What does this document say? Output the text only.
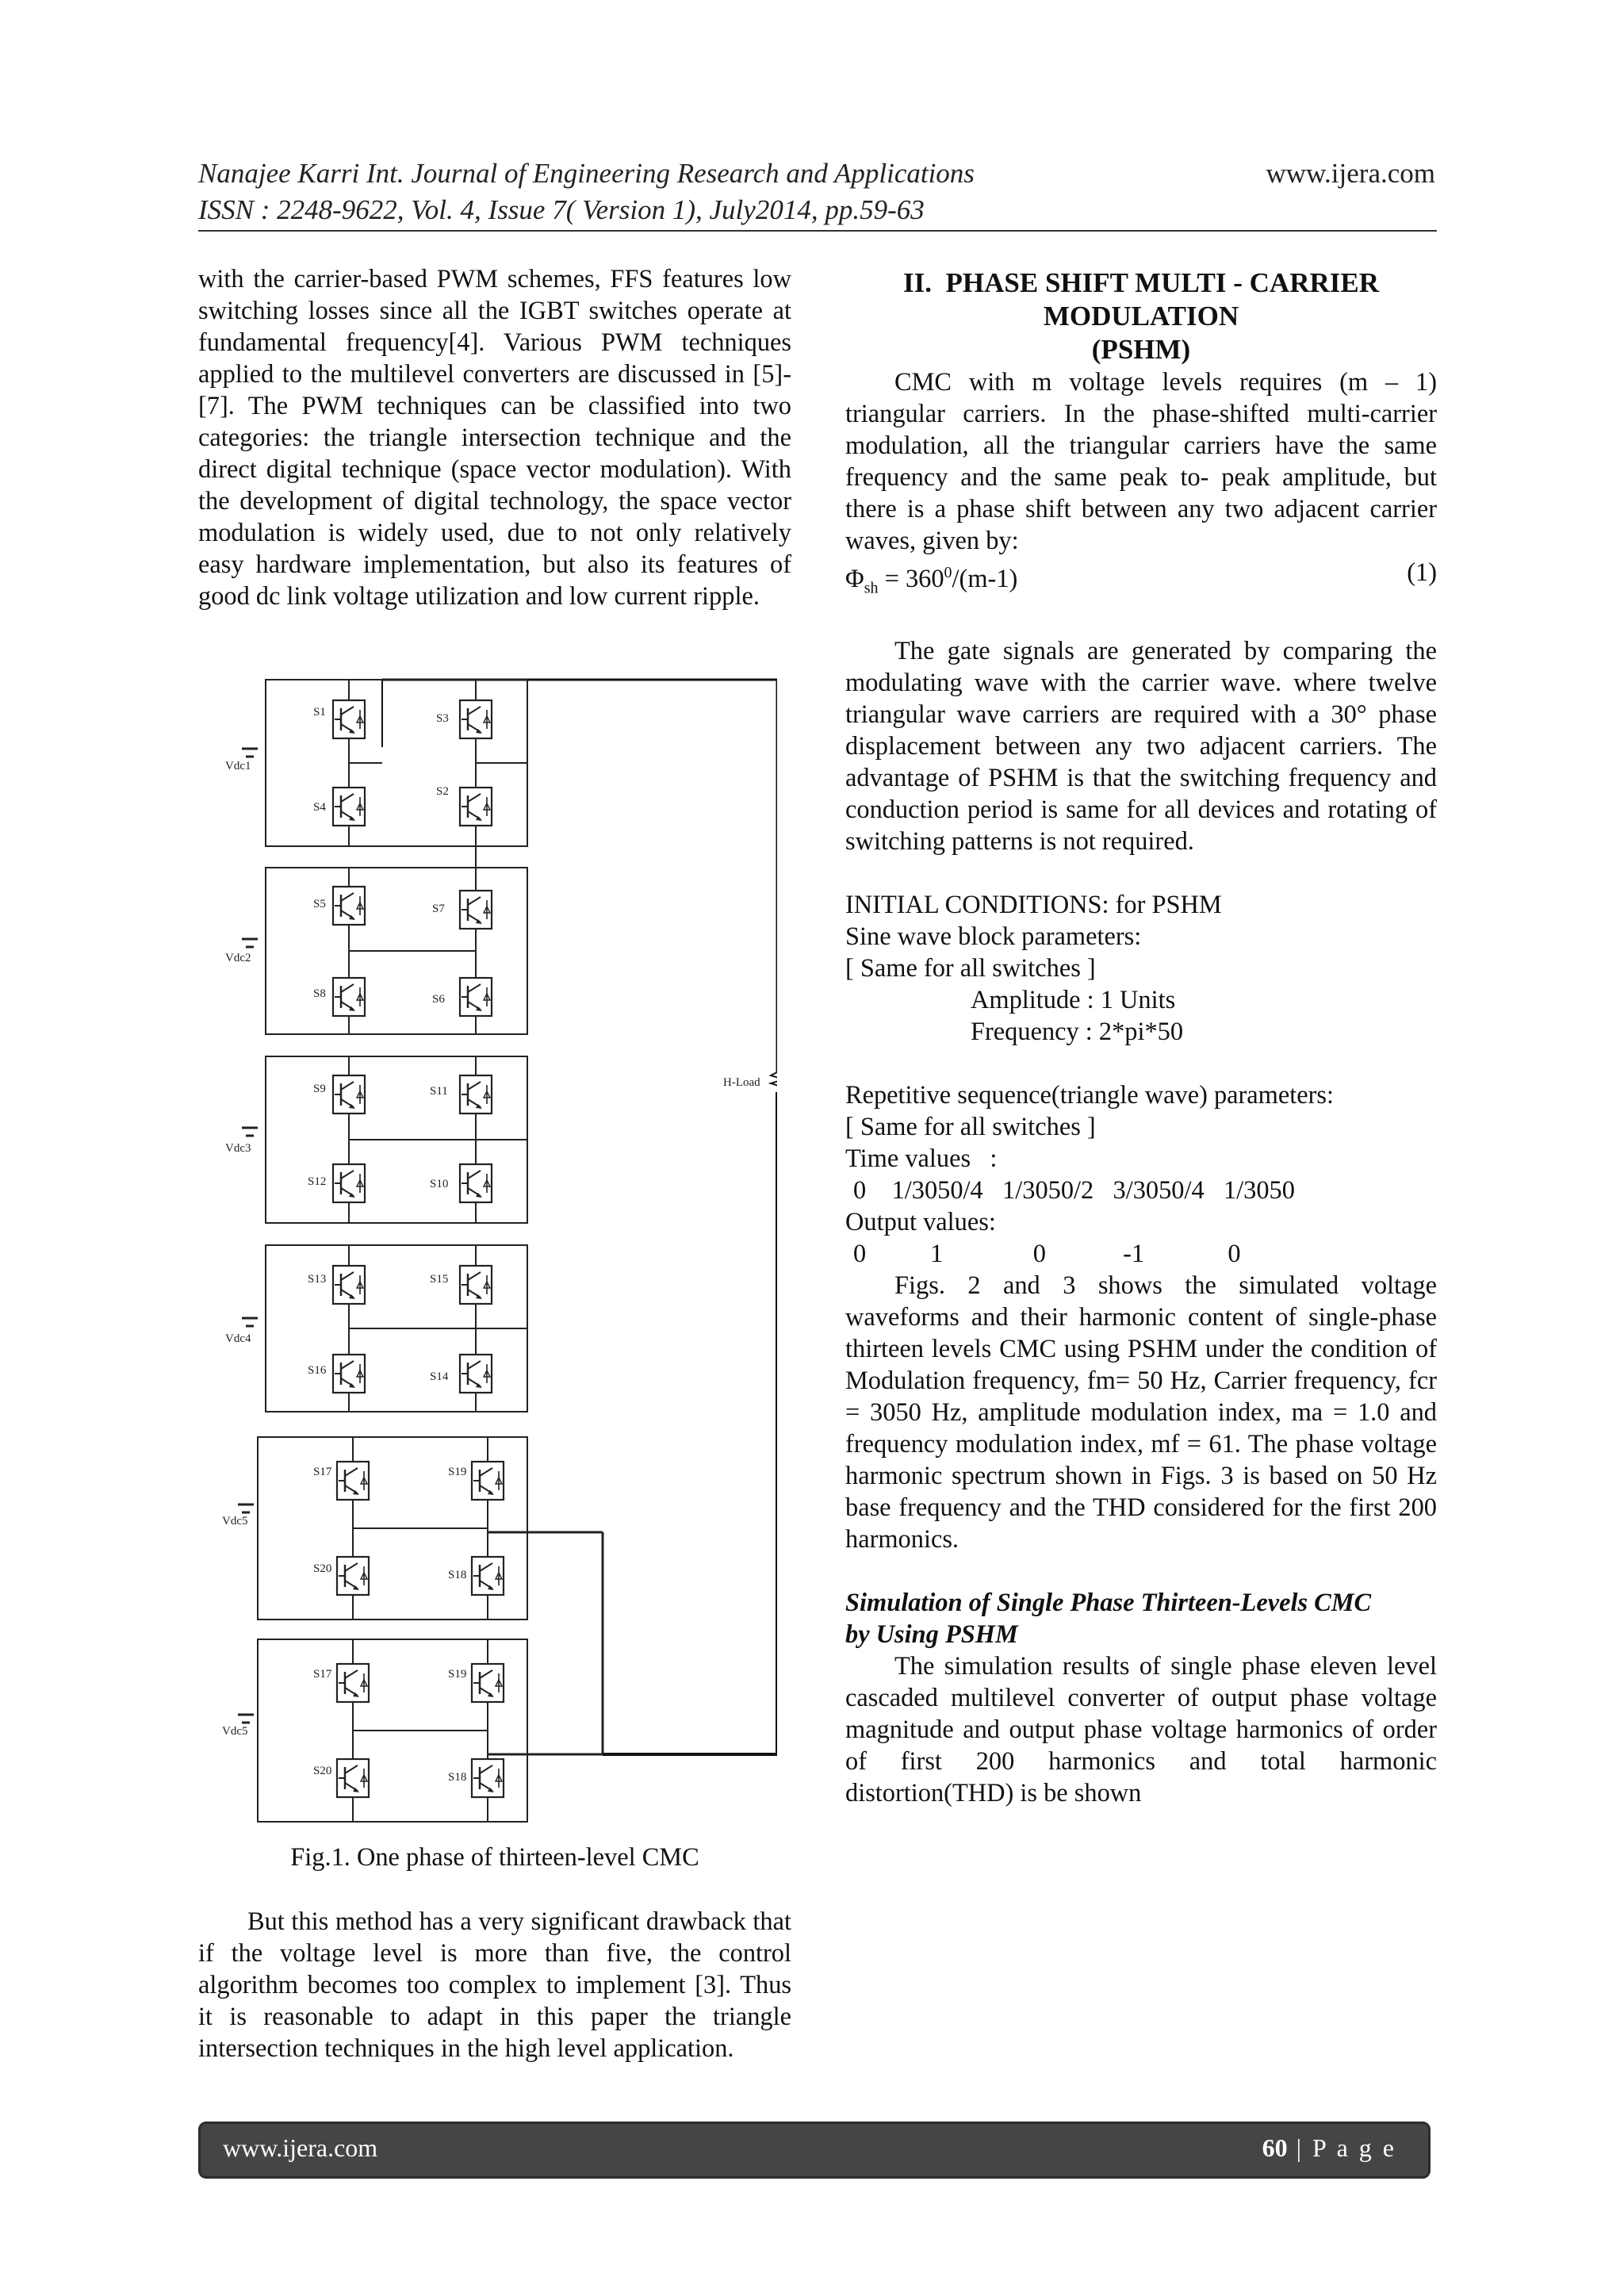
Nanajee Karri Int. Journal of Engineering Research and Applications
ISSN : 2248-9622, Vol. 4, Issue 7( Version 1), July2014, pp.59-63
www.ijera.com

with the carrier-based PWM schemes, FFS features low switching losses since all the IGBT switches operate at fundamental frequency[4]. Various PWM techniques applied to the multilevel converters are discussed in [5]-[7]. The PWM techniques can be classified into two categories: the triangle intersection technique and the direct digital technique (space vector modulation). With the development of digital technology, the space vector modulation is widely used, due to not only relatively easy hardware implementation, but also its features of good dc link voltage utilization and low current ripple.

H-Load
S1	S3
S4
S2
Vdc1
S5	S7
S8	S6
Vdc2
S9	S11
S12	S10
Vdc3
S13	S15
S16	S14
Vdc4
S17	S19
S20	S18
Vdc5
S17	S19
S20	S18
Vdc5
Fig.1. One phase of thirteen-level CMC

But this method has a very significant drawback that if the voltage level is more than five, the control algorithm becomes too complex to implement [3]. Thus it is reasonable to adapt in this paper the triangle intersection techniques in the high level application.

II. PHASE SHIFT MULTI - CARRIER
MODULATION
(PSHM)

CMC with m voltage levels requires (m – 1) triangular carriers. In the phase-shifted multi-carrier modulation, all the triangular carriers have the same frequency and the same peak to- peak amplitude, but there is a phase shift between any two adjacent carrier waves, given by:

$\Phi_{sh} = 360^0/(m-1)$	(1)

The gate signals are generated by comparing the modulating wave with the carrier wave. where twelve triangular wave carriers are required with a 30° phase displacement between any two adjacent carriers. The advantage of PSHM is that the switching frequency and conduction period is same for all devices and rotating of switching patterns is not required.

INITIAL CONDITIONS: for PSHM
Sine wave block parameters:
[ Same for all switches ]
Amplitude : 1 Units
Frequency : 2*pi*50
Repetitive sequence(triangle wave) parameters:
[ Same for all switches ]
Time values   :
0    1/3050/4   1/3050/2   3/3050/4   1/3050
Output values:
0          1              0            -1             0

Figs. 2 and 3 shows the simulated voltage waveforms and their harmonic content of single-phase thirteen levels CMC using PSHM under the condition of Modulation frequency, fm= 50 Hz, Carrier frequency, fcr = 3050 Hz, amplitude modulation index, ma = 1.0 and frequency modulation index, mf = 61. The phase voltage harmonic spectrum shown in Figs. 3 is based on 50 Hz base frequency and the THD considered for the first 200 harmonics.

Simulation of Single Phase Thirteen-Levels CMC
by Using PSHM

The simulation results of single phase eleven level cascaded multilevel converter of output phase voltage magnitude and output phase voltage harmonics of order of first 200 harmonics and total harmonic distortion(THD) is be shown

www.ijera.com	60 | P a g e
